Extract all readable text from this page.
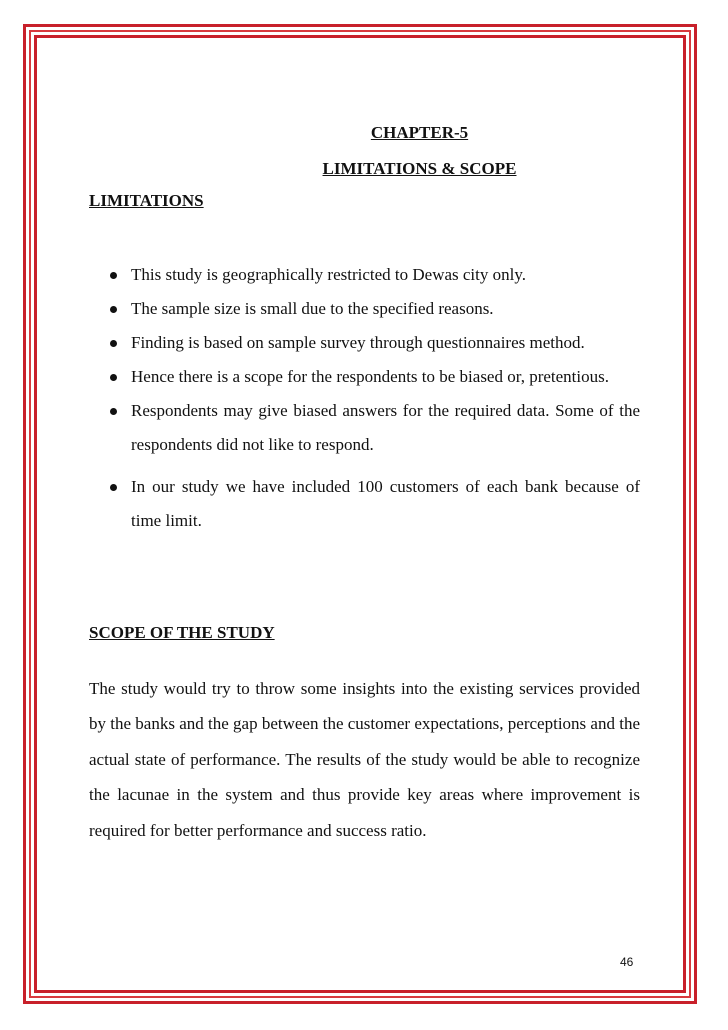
CHAPTER-5
LIMITATIONS & SCOPE
LIMITATIONS
This study is geographically restricted to Dewas city only.
The sample size is small due to the specified reasons.
Finding is based on sample survey through questionnaires method.
Hence there is a scope for the respondents to be biased or, pretentious.
Respondents may give biased answers for the required data. Some of the respondents did not like to respond.
In our study we have included 100 customers of each bank because of time limit.
SCOPE OF THE STUDY

The study would try to throw some insights into the existing services provided by the banks and the gap between the customer expectations, perceptions and the actual state of performance. The results of the study would be able to recognize the lacunae in the system and thus provide key areas where improvement is required for better performance and success ratio.

46
